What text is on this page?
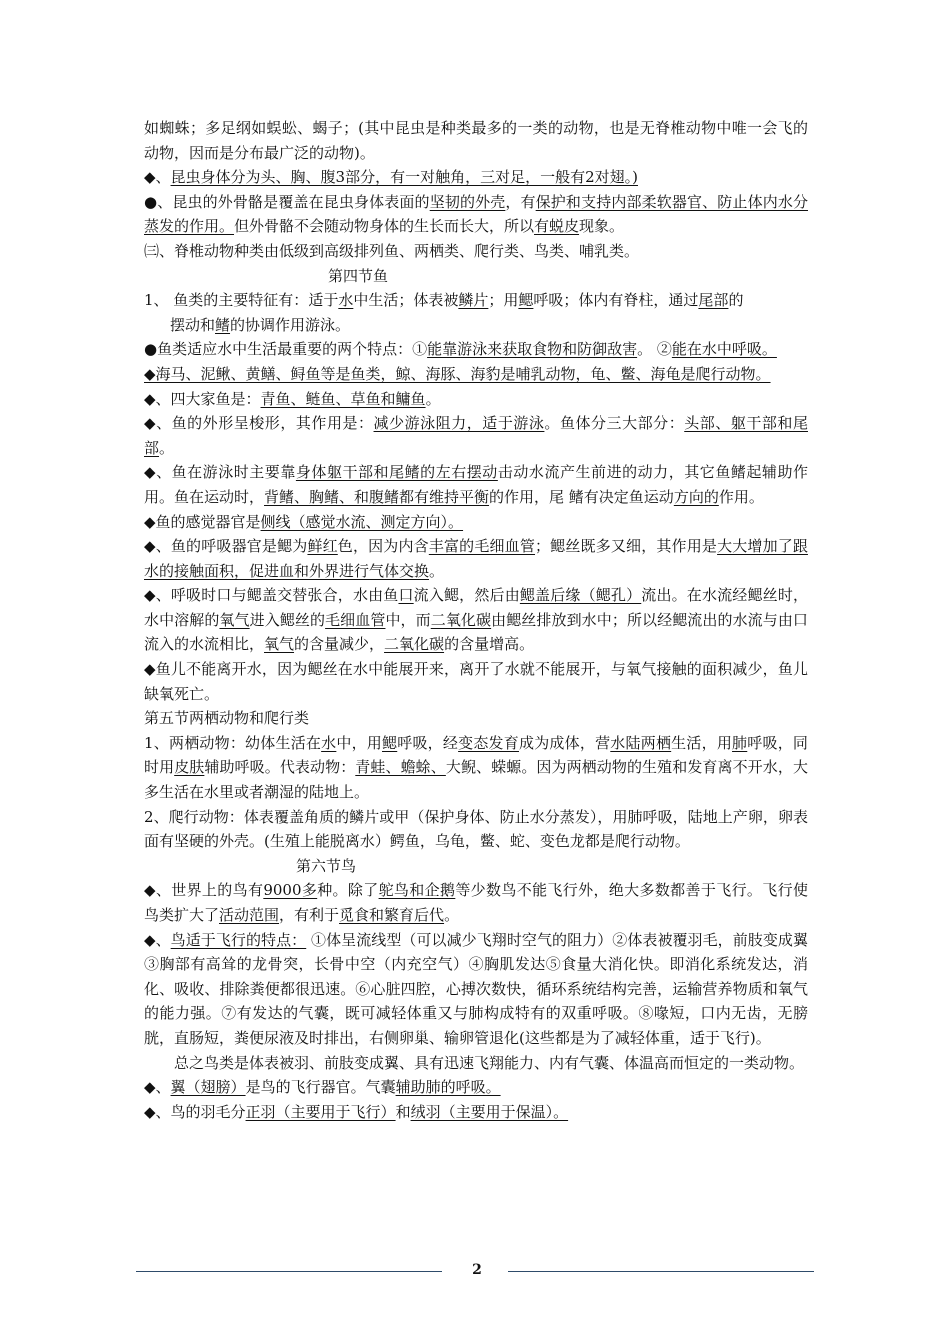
如蜘蛛；多足纲如蜈蚣、蝎子；(其中昆虫是种类最多的一类的动物，也是无脊椎动物中唯一会飞的动物，因而是分布最广泛的动物)。

◆、昆虫身体分为头、胸、腹3部分，有一对触角，三对足，一般有2对翅。)

●、昆虫的外骨骼是覆盖在昆虫身体表面的坚韧的外壳，有保护和支持内部柔软器官、防止体内水分蒸发的作用。但外骨骼不会随动物身体的生长而长大，所以有蜕皮现象。

㈢、脊椎动物种类由低级到高级排列鱼、两栖类、爬行类、鸟类、哺乳类。

第四节鱼

1、 鱼类的主要特征有：适于水中生活；体表被鳞片；用鳃呼吸；体内有脊柱，通过尾部的

摆动和鳍的协调作用游泳。

●鱼类适应水中生活最重要的两个特点：①能靠游泳来获取食物和防御敌害。 ②能在水中呼吸。

◆海马、泥鳅、黄鳝、鲟鱼等是鱼类，鲸、海豚、海豹是哺乳动物，龟、鳖、海龟是爬行动物。

◆、四大家鱼是：青鱼、鲢鱼、草鱼和鳙鱼。

◆、鱼的外形呈梭形，其作用是：减少游泳阻力，适于游泳。鱼体分三大部分：头部、躯干部和尾部。

◆、鱼在游泳时主要靠身体躯干部和尾鳍的左右摆动击动水流产生前进的动力，其它鱼鳍起辅助作用。鱼在运动时，背鳍、胸鳍、和腹鳍都有维持平衡的作用，尾 鳍有决定鱼运动方向的作用。

◆鱼的感觉器官是侧线（感觉水流、测定方向）。

◆、鱼的呼吸器官是鳃为鲜红色，因为内含丰富的毛细血管；鳃丝既多又细，其作用是大大增加了跟水的接触面积，促进血和外界进行气体交换。

◆、呼吸时口与鳃盖交替张合，水由鱼口流入鳃，然后由鳃盖后缘（鳃孔）流出。在水流经鳃丝时，水中溶解的氧气进入鳃丝的毛细血管中，而二氧化碳由鳃丝排放到水中；所以经鳃流出的水流与由口流入的水流相比，氧气的含量减少，二氧化碳的含量增高。

◆鱼儿不能离开水，因为鳃丝在水中能展开来，离开了水就不能展开，与氧气接触的面积减少，鱼儿缺氧死亡。

第五节两栖动物和爬行类

1、两栖动物：幼体生活在水中，用鳃呼吸，经变态发育成为成体，营水陆两栖生活，用肺呼吸，同时用皮肤辅助呼吸。代表动物：青蛙、蟾蜍、大鲵、蝾螈。因为两栖动物的生殖和发育离不开水，大多生活在水里或者潮湿的陆地上。

2、爬行动物：体表覆盖角质的鳞片或甲（保护身体、防止水分蒸发），用肺呼吸，陆地上产卵，卵表面有坚硬的外壳。(生殖上能脱离水）鳄鱼，乌龟，鳖、蛇、变色龙都是爬行动物。

第六节鸟

◆、世界上的鸟有9000多种。除了鸵鸟和企鹅等少数鸟不能飞行外，绝大多数都善于飞行。飞行使鸟类扩大了活动范围，有利于觅食和繁育后代。

◆、鸟适于飞行的特点： ①体呈流线型（可以减少飞翔时空气的阻力）②体表被覆羽毛，前肢变成翼③胸部有高耸的龙骨突，长骨中空（内充空气）④胸肌发达⑤食量大消化快。即消化系统发达，消化、吸收、排除粪便都很迅速。⑥心脏四腔，心搏次数快，循环系统结构完善，运输营养物质和氧气的能力强。⑦有发达的气囊，既可减轻体重又与肺构成特有的双重呼吸。⑧喙短，口内无齿，无膀胱，直肠短，粪便尿液及时排出，右侧卵巢、输卵管退化(这些都是为了减轻体重，适于飞行)。

总之鸟类是体表被羽、前肢变成翼、具有迅速飞翔能力、内有气囊、体温高而恒定的一类动物。

◆、翼（翅膀）是鸟的飞行器官。气囊辅助肺的呼吸。

◆、鸟的羽毛分正羽（主要用于飞行）和绒羽（主要用于保温）。

2
